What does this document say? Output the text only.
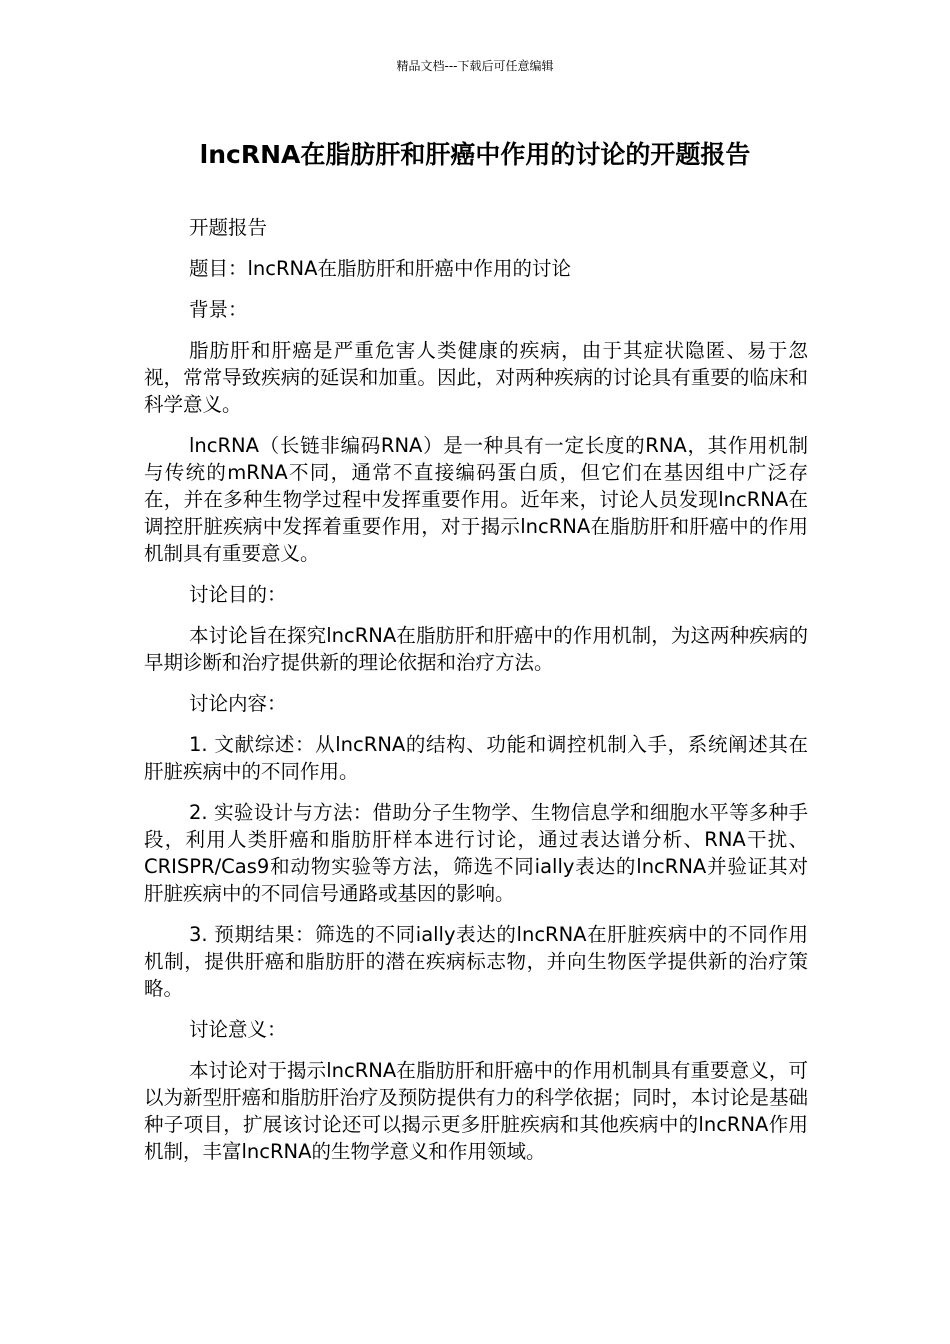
精品文档---下载后可任意编辑
lncRNA在脂肪肝和肝癌中作用的讨论的开题报告

开题报告

题目：lncRNA在脂肪肝和肝癌中作用的讨论

背景：

脂肪肝和肝癌是严重危害人类健康的疾病，由于其症状隐匿、易于忽视，常常导致疾病的延误和加重。因此，对两种疾病的讨论具有重要的临床和科学意义。

lncRNA（长链非编码RNA）是一种具有一定长度的RNA，其作用机制与传统的mRNA不同，通常不直接编码蛋白质，但它们在基因组中广泛存在，并在多种生物学过程中发挥重要作用。近年来，讨论人员发现lncRNA在调控肝脏疾病中发挥着重要作用，对于揭示lncRNA在脂肪肝和肝癌中的作用机制具有重要意义。

讨论目的：

本讨论旨在探究lncRNA在脂肪肝和肝癌中的作用机制，为这两种疾病的早期诊断和治疗提供新的理论依据和治疗方法。

讨论内容：

1. 文献综述：从lncRNA的结构、功能和调控机制入手，系统阐述其在肝脏疾病中的不同作用。

2. 实验设计与方法：借助分子生物学、生物信息学和细胞水平等多种手段，利用人类肝癌和脂肪肝样本进行讨论，通过表达谱分析、RNA干扰、CRISPR/Cas9和动物实验等方法，筛选不同ially表达的lncRNA并验证其对肝脏疾病中的不同信号通路或基因的影响。

3. 预期结果：筛选的不同ially表达的lncRNA在肝脏疾病中的不同作用机制，提供肝癌和脂肪肝的潜在疾病标志物，并向生物医学提供新的治疗策略。

讨论意义：

本讨论对于揭示lncRNA在脂肪肝和肝癌中的作用机制具有重要意义，可以为新型肝癌和脂肪肝治疗及预防提供有力的科学依据；同时，本讨论是基础种子项目，扩展该讨论还可以揭示更多肝脏疾病和其他疾病中的lncRNA作用机制，丰富lncRNA的生物学意义和作用领域。
